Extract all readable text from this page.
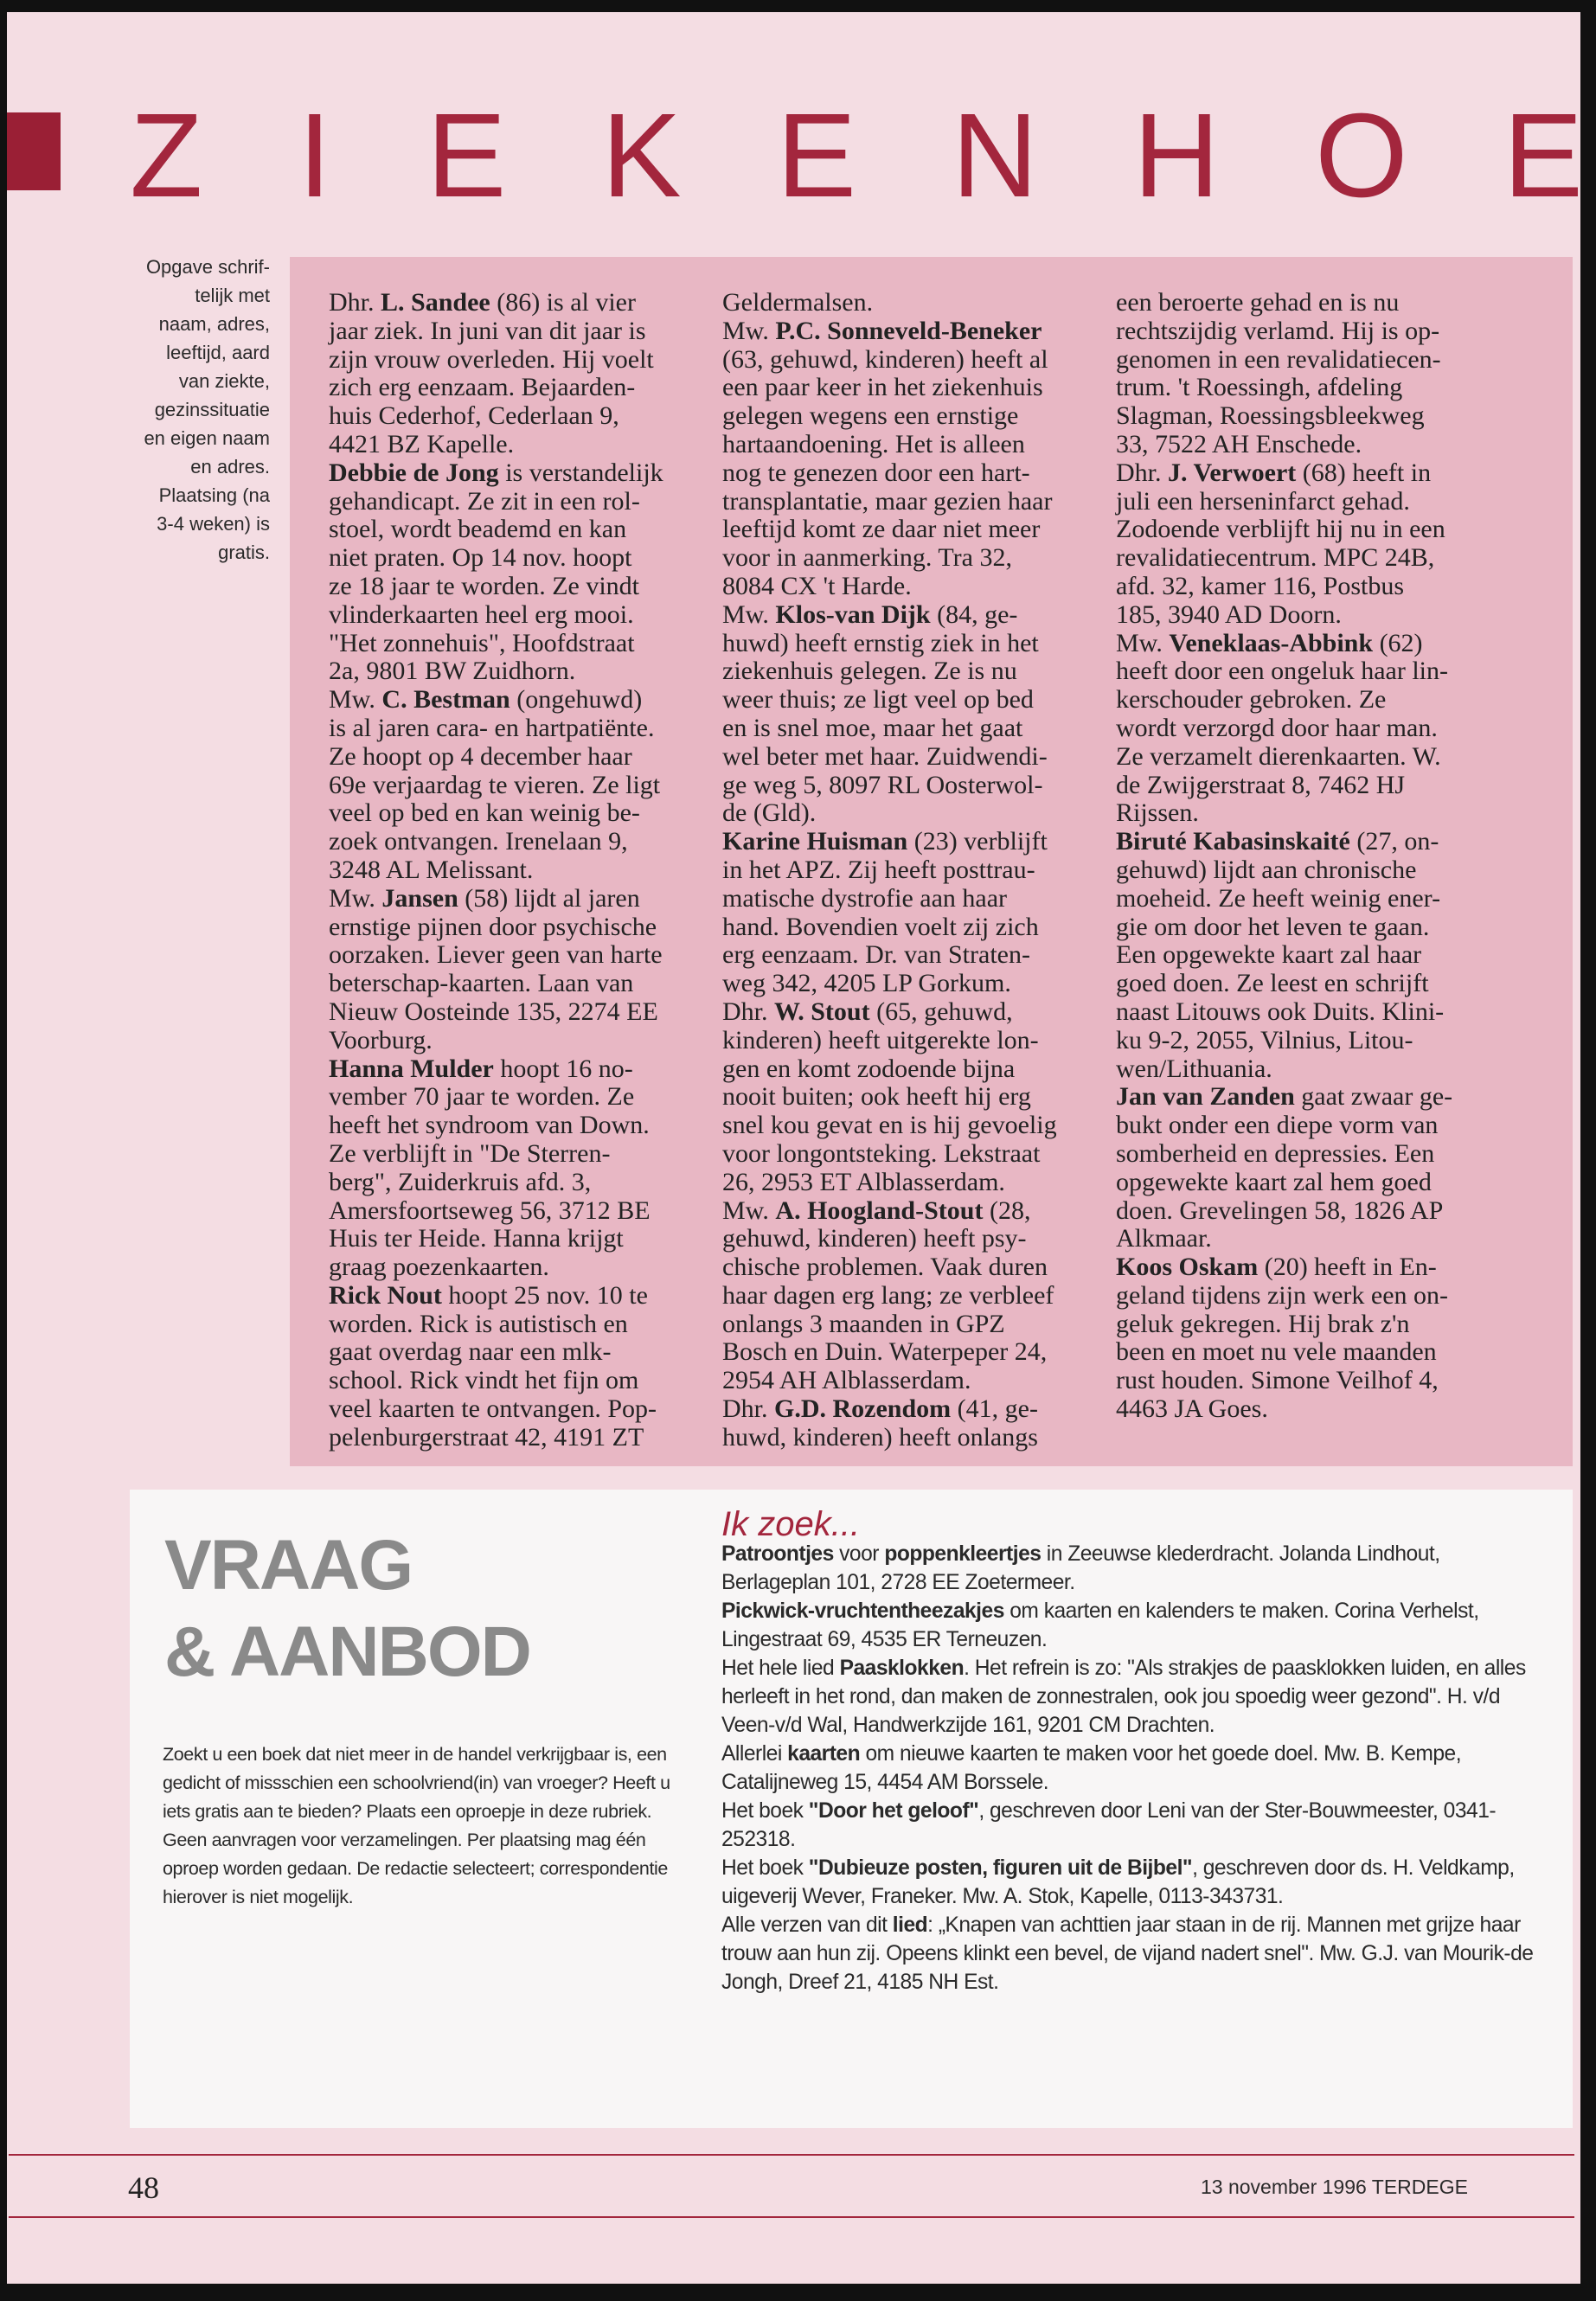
Z I E K E N H O E
Opgave schrif-
telijk met
naam, adres,
leeftijd, aard
van ziekte,
gezinssituatie
en eigen naam
en adres.
Plaatsing (na
3-4 weken) is
gratis.

Dhr. L. Sandee (86) is al vier
jaar ziek. In juni van dit jaar is
zijn vrouw overleden. Hij voelt
zich erg eenzaam. Bejaarden-
huis Cederhof, Cederlaan 9,
4421 BZ Kapelle.

Debbie de Jong is verstandelijk
gehandicapt. Ze zit in een rol-
stoel, wordt beademd en kan
niet praten. Op 14 nov. hoopt
ze 18 jaar te worden. Ze vindt
vlinderkaarten heel erg mooi.
"Het zonnehuis", Hoofdstraat
2a, 9801 BW Zuidhorn.

Mw. C. Bestman (ongehuwd)
is al jaren cara- en hartpatiënte.
Ze hoopt op 4 december haar
69e verjaardag te vieren. Ze ligt
veel op bed en kan weinig be-
zoek ontvangen. Irenelaan 9,
3248 AL Melissant.

Mw. Jansen (58) lijdt al jaren
ernstige pijnen door psychische
oorzaken. Liever geen van harte
beterschap-kaarten. Laan van
Nieuw Oosteinde 135, 2274 EE
Voorburg.

Hanna Mulder hoopt 16 no-
vember 70 jaar te worden. Ze
heeft het syndroom van Down.
Ze verblijft in "De Sterren-
berg", Zuiderkruis afd. 3,
Amersfoortseweg 56, 3712 BE
Huis ter Heide. Hanna krijgt
graag poezenkaarten.

Rick Nout hoopt 25 nov. 10 te
worden. Rick is autistisch en
gaat overdag naar een mlk-
school. Rick vindt het fijn om
veel kaarten te ontvangen. Pop-
pelenburgerstraat 42, 4191 ZT

Geldermalsen.

Mw. P.C. Sonneveld-Beneker
(63, gehuwd, kinderen) heeft al
een paar keer in het ziekenhuis
gelegen wegens een ernstige
hartaandoening. Het is alleen
nog te genezen door een hart-
transplantatie, maar gezien haar
leeftijd komt ze daar niet meer
voor in aanmerking. Tra 32,
8084 CX 't Harde.

Mw. Klos-van Dijk (84, ge-
huwd) heeft ernstig ziek in het
ziekenhuis gelegen. Ze is nu
weer thuis; ze ligt veel op bed
en is snel moe, maar het gaat
wel beter met haar. Zuidwendi-
ge weg 5, 8097 RL Oosterwol-
de (Gld).

Karine Huisman (23) verblijft
in het APZ. Zij heeft posttrau-
matische dystrofie aan haar
hand. Bovendien voelt zij zich
erg eenzaam. Dr. van Straten-
weg 342, 4205 LP Gorkum.

Dhr. W. Stout (65, gehuwd,
kinderen) heeft uitgerekte lon-
gen en komt zodoende bijna
nooit buiten; ook heeft hij erg
snel kou gevat en is hij gevoelig
voor longontsteking. Lekstraat
26, 2953 ET Alblasserdam.

Mw. A. Hoogland-Stout (28,
gehuwd, kinderen) heeft psy-
chische problemen. Vaak duren
haar dagen erg lang; ze verbleef
onlangs 3 maanden in GPZ
Bosch en Duin. Waterpeper 24,
2954 AH Alblasserdam.

Dhr. G.D. Rozendom (41, ge-
huwd, kinderen) heeft onlangs

een beroerte gehad en is nu
rechtszijdig verlamd. Hij is op-
genomen in een revalidatiecen-
trum. 't Roessingh, afdeling
Slagman, Roessingsbleekweg
33, 7522 AH Enschede.

Dhr. J. Verwoert (68) heeft in
juli een herseninfarct gehad.
Zodoende verblijft hij nu in een
revalidatiecentrum. MPC 24B,
afd. 32, kamer 116, Postbus
185, 3940 AD Doorn.

Mw. Veneklaas-Abbink (62)
heeft door een ongeluk haar lin-
kerschouder gebroken. Ze
wordt verzorgd door haar man.
Ze verzamelt dierenkaarten. W.
de Zwijgerstraat 8, 7462 HJ
Rijssen.

Biruté Kabasinskaité (27, on-
gehuwd) lijdt aan chronische
moeheid. Ze heeft weinig ener-
gie om door het leven te gaan.
Een opgewekte kaart zal haar
goed doen. Ze leest en schrijft
naast Litouws ook Duits. Klini-
ku 9-2, 2055, Vilnius, Litou-
wen/Lithuania.

Jan van Zanden gaat zwaar ge-
bukt onder een diepe vorm van
somberheid en depressies. Een
opgewekte kaart zal hem goed
doen. Grevelingen 58, 1826 AP
Alkmaar.

Koos Oskam (20) heeft in En-
geland tijdens zijn werk een on-
geluk gekregen. Hij brak z'n
been en moet nu vele maanden
rust houden. Simone Veilhof 4,
4463 JA Goes.

VRAAG
& AANBOD
Zoekt u een boek dat niet meer in de handel verkrijgbaar is, een gedicht of missschien een schoolvriend(in) van vroeger? Heeft u iets gratis aan te bieden? Plaats een oproepje in deze rubriek. Geen aanvragen voor verzamelingen. Per plaatsing mag één oproep worden gedaan. De redactie selecteert; correspondentie hierover is niet mogelijk.
Ik zoek...

Patroontjes voor poppenkleertjes in Zeeuwse klederdracht. Jolanda Lindhout, Berlageplan 101, 2728 EE Zoetermeer.

Pickwick-vruchtentheezakjes om kaarten en kalenders te maken. Corina Verhelst, Lingestraat 69, 4535 ER Terneuzen.

Het hele lied Paasklokken. Het refrein is zo: "Als strakjes de paasklokken luiden, en alles herleeft in het rond, dan maken de zonnestralen, ook jou spoedig weer gezond". H. v/d Veen-v/d Wal, Handwerkzijde 161, 9201 CM Drachten.

Allerlei kaarten om nieuwe kaarten te maken voor het goede doel. Mw. B. Kempe, Catalijneweg 15, 4454 AM Borssele.

Het boek "Door het geloof", geschreven door Leni van der Ster-Bouwmeester, 0341-252318.

Het boek "Dubieuze posten, figuren uit de Bijbel", geschreven door ds. H. Veldkamp, uigeverij Wever, Franeker. Mw. A. Stok, Kapelle, 0113-343731.

Alle verzen van dit lied: „Knapen van achttien jaar staan in de rij. Mannen met grijze haar trouw aan hun zij. Opeens klinkt een bevel, de vijand nadert snel". Mw. G.J. van Mourik-de Jongh, Dreef 21, 4185 NH Est.

48	13 november 1996 TERDEGE
